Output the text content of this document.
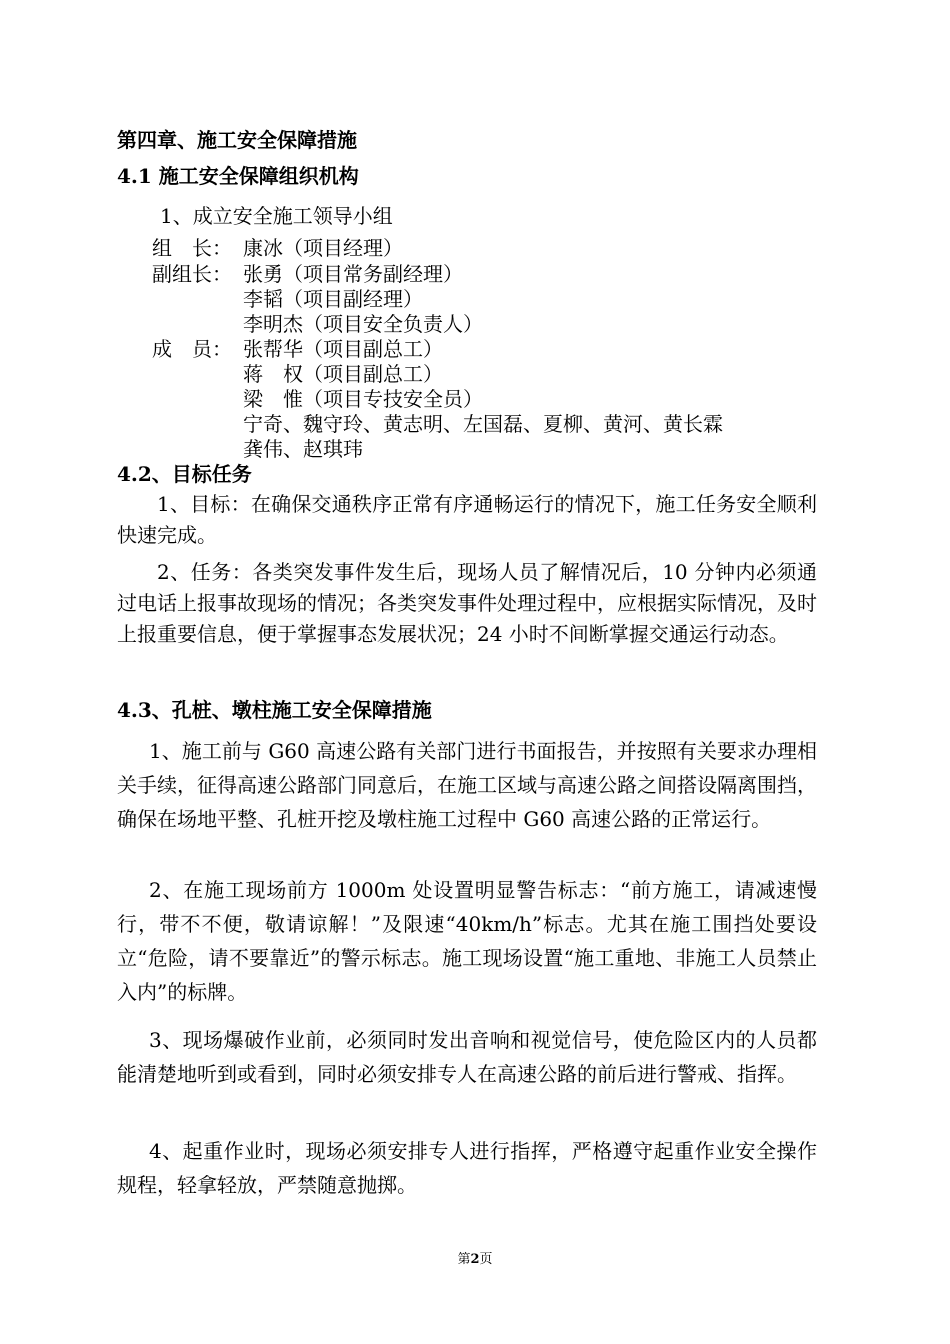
第四章、施工安全保障措施
4.1 施工安全保障组织机构
1、成立安全施工领导小组
组　长： 康冰（项目经理）
副组长： 张勇（项目常务副经理）
李韬（项目副经理）
李明杰（项目安全负责人）
成　员： 张帮华（项目副总工）
蒋　权（项目副总工）
梁　惟（项目专技安全员）
宁奇、魏守玲、黄志明、左国磊、夏柳、黄河、黄长霖
龚伟、赵琪玮
4.2、目标任务
1、目标：在确保交通秩序正常有序通畅运行的情况下，施工任务安全顺利快速完成。
2、任务：各类突发事件发生后，现场人员了解情况后，10 分钟内必须通过电话上报事故现场的情况；各类突发事件处理过程中，应根据实际情况，及时上报重要信息，便于掌握事态发展状况；24 小时不间断掌握交通运行动态。
4.3、孔桩、墩柱施工安全保障措施
1、施工前与 G60 高速公路有关部门进行书面报告，并按照有关要求办理相关手续，征得高速公路部门同意后，在施工区域与高速公路之间搭设隔离围挡，确保在场地平整、孔桩开挖及墩柱施工过程中 G60 高速公路的正常运行。
2、在施工现场前方 1000m 处设置明显警告标志：“前方施工，请减速慢行，带不不便，敬请谅解！”及限速“40km/h”标志。尤其在施工围挡处要设立“危险，请不要靠近”的警示标志。施工现场设置“施工重地、非施工人员禁止入内”的标牌。
3、现场爆破作业前，必须同时发出音响和视觉信号，使危险区内的人员都能清楚地听到或看到，同时必须安排专人在高速公路的前后进行警戒、指挥。
4、起重作业时，现场必须安排专人进行指挥，严格遵守起重作业安全操作规程，轻拿轻放，严禁随意抛掷。
第2页
